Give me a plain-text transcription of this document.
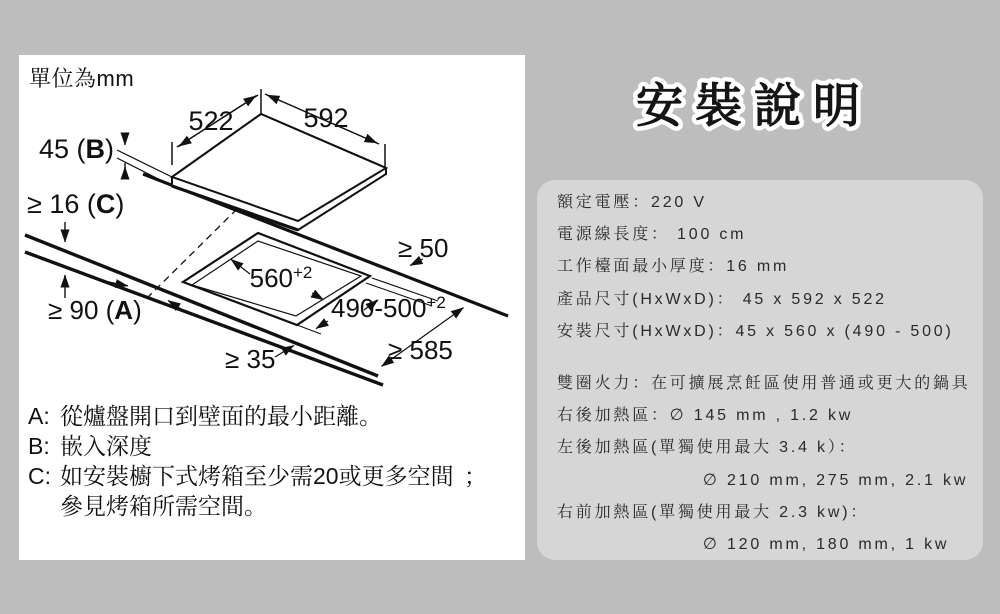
單位為mm
522	592
45 (B)
≥ 16 (C)
$560^{+2}$
$490-500^{+2}$
≥ 50
≥ 90 (A)
≥ 35	≥ 585
A: 從爐盤開口到壁面的最小距離。
B: 嵌入深度
C: 如安裝櫥下式烤箱至少需20或更多空間 ；
參見烤箱所需空間。
安裝說明
額定電壓：220 V
電源線長度： 100 cm
工作檯面最小厚度：16 mm
產品尺寸(HxWxD)： 45 x 592 x 522
安裝尺寸(HxWxD)：45 x 560 x (490 - 500)
雙圈火力：在可擴展烹飪區使用普通或更大的鍋具
右後加熱區：∅ 145 mm , 1.2 kw
左後加熱區(單獨使用最大 3.4 k）：
∅ 210 mm, 275 mm, 2.1 kw
右前加熱區(單獨使用最大 2.3 kw)：
∅ 120 mm, 180 mm, 1 kw
